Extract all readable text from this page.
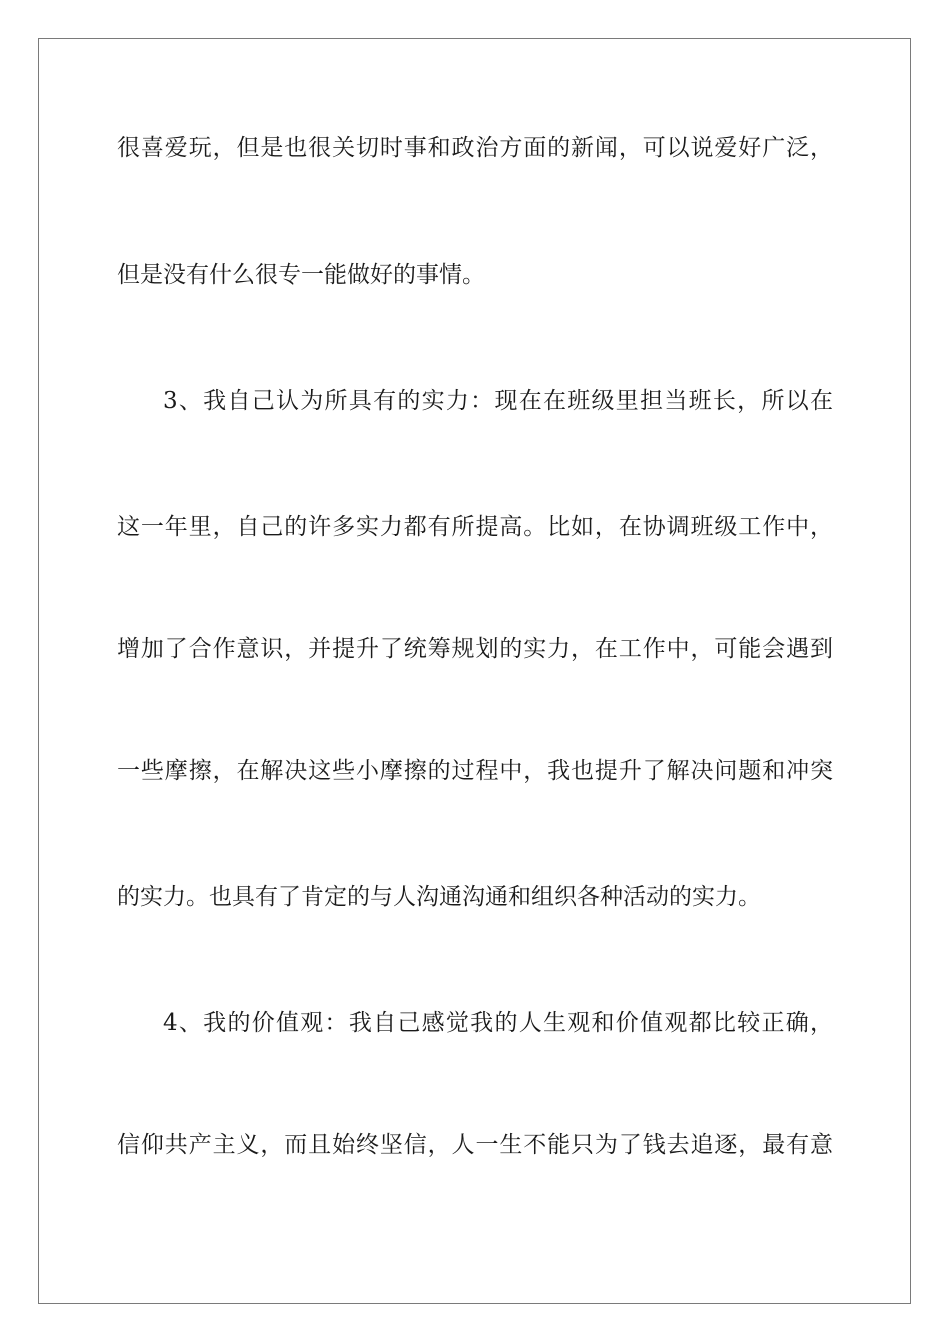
很喜爱玩，但是也很关切时事和政治方面的新闻，可以说爱好广泛，
但是没有什么很专一能做好的事情。
3、我自己认为所具有的实力：现在在班级里担当班长，所以在
这一年里，自己的许多实力都有所提高。比如，在协调班级工作中，
增加了合作意识，并提升了统筹规划的实力，在工作中，可能会遇到
一些摩擦，在解决这些小摩擦的过程中，我也提升了解决问题和冲突
的实力。也具有了肯定的与人沟通沟通和组织各种活动的实力。
4、我的价值观：我自己感觉我的人生观和价值观都比较正确，
信仰共产主义，而且始终坚信，人一生不能只为了钱去追逐，最有意
